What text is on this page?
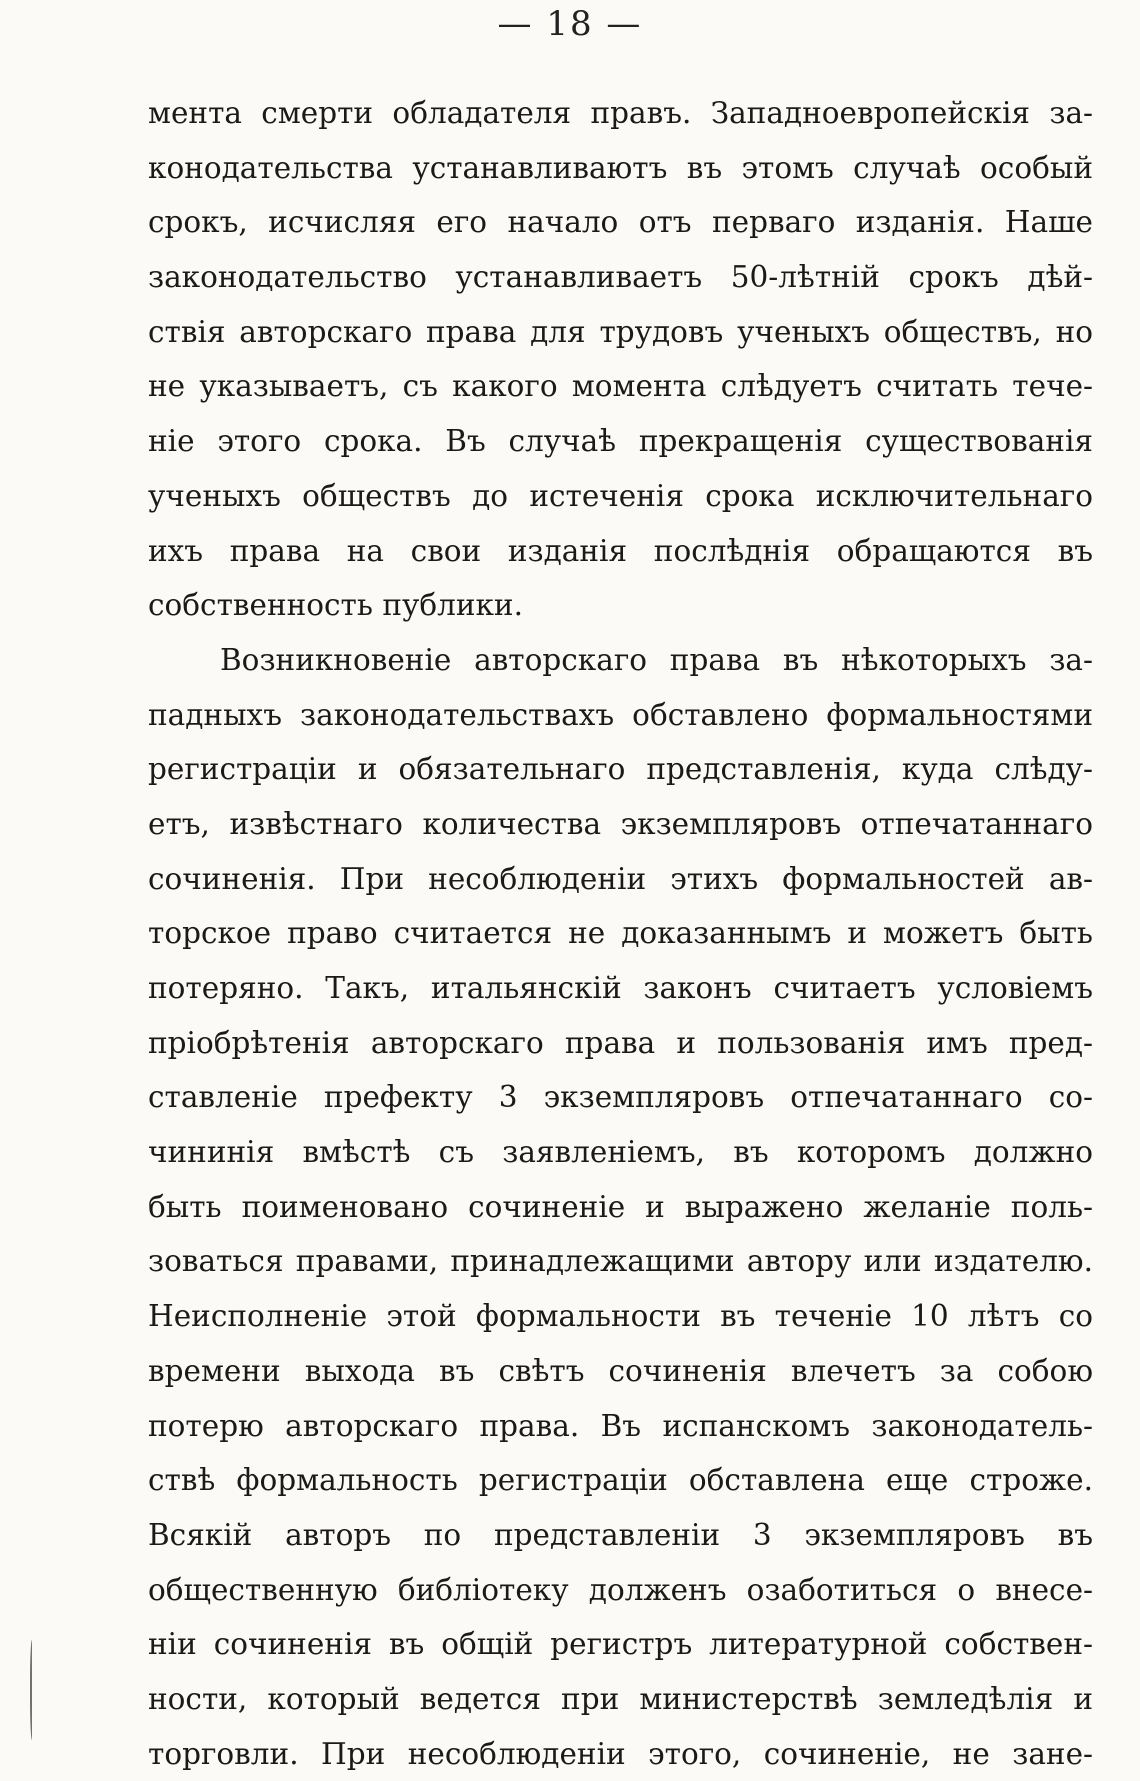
— 18 —
мента смерти обладателя правъ. Западноевропейскія за-
конодательства устанавливаютъ въ этомъ случаѣ особый
срокъ, исчисляя его начало отъ перваго изданія. Наше
законодательство устанавливаетъ 50-лѣтній срокъ дѣй-
ствія авторскаго права для трудовъ ученыхъ обществъ, но
не указываетъ, съ какого момента слѣдуетъ считать тече-
ніе этого срока. Въ случаѣ прекращенія существованія
ученыхъ обществъ до истеченія срока исключительнаго
ихъ права на свои изданія послѣднія обращаются въ
собственность публики.
Возникновеніе авторскаго права въ нѣкоторыхъ за-
падныхъ законодательствахъ обставлено формальностями
регистраціи и обязательнаго представленія, куда слѣду-
етъ, извѣстнаго количества экземпляровъ отпечатаннаго
сочиненія. При несоблюденіи этихъ формальностей ав-
торское право считается не доказаннымъ и можетъ быть
потеряно. Такъ, итальянскій законъ считаетъ условіемъ
пріобрѣтенія авторскаго права и пользованія имъ пред-
ставленіе префекту 3 экземпляровъ отпечатаннаго со-
чининія вмѣстѣ съ заявленіемъ, въ которомъ должно
быть поименовано сочиненіе и выражено желаніе поль-
зоваться правами, принадлежащими автору или издателю.
Неисполненіе этой формальности въ теченіе 10 лѣтъ со
времени выхода въ свѣтъ сочиненія влечетъ за собою
потерю авторскаго права. Въ испанскомъ законодатель-
ствѣ формальность регистраціи обставлена еще строже.
Всякій авторъ по представленіи 3 экземпляровъ въ
общественную библіотеку долженъ озаботиться о внесе-
ніи сочиненія въ общій регистръ литературной собствен-
ности, который ведется при министерствѣ земледѣлія и
торговли. При несоблюденіи этого, сочиненіе, не зане-
